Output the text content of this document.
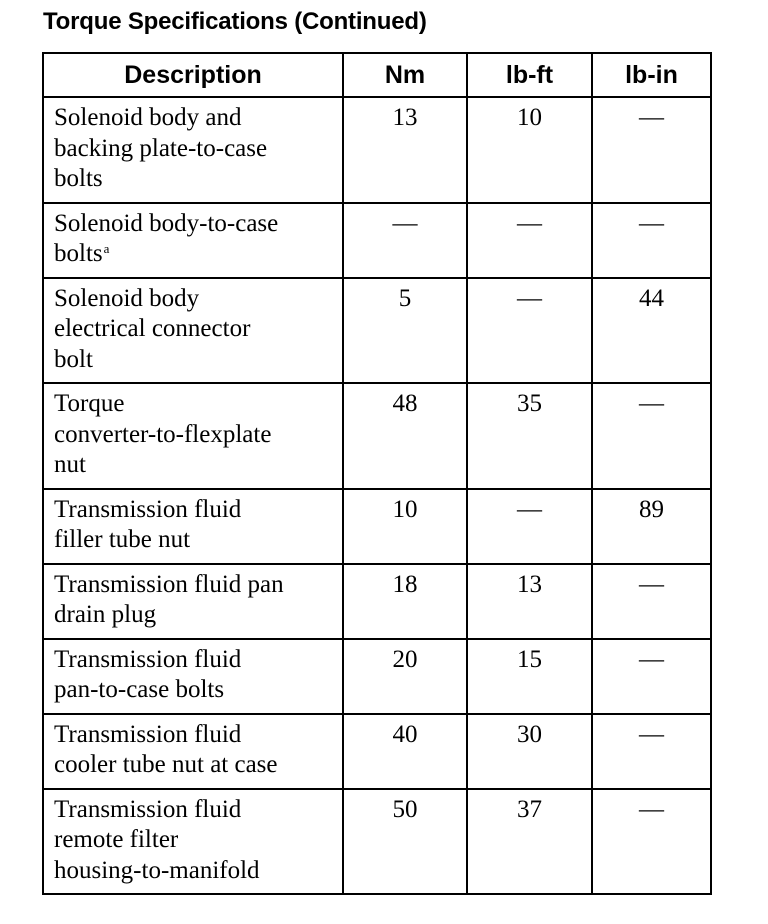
Torque Specifications (Continued)
Description	Nm	lb-ft	lb-in
Solenoid body and
backing plate-to-case
bolts	13	10	—
Solenoid body-to-case
bolts$^a$	—	—	—
Solenoid body
electrical connector
bolt	5	—	44
Torque
converter-to-flexplate
nut	48	35	—
Transmission fluid
filler tube nut	10	—	89
Transmission fluid pan
drain plug	18	13	—
Transmission fluid
pan-to-case bolts	20	15	—
Transmission fluid
cooler tube nut at case	40	30	—
Transmission fluid
remote filter
housing-to-manifold	50	37	—
